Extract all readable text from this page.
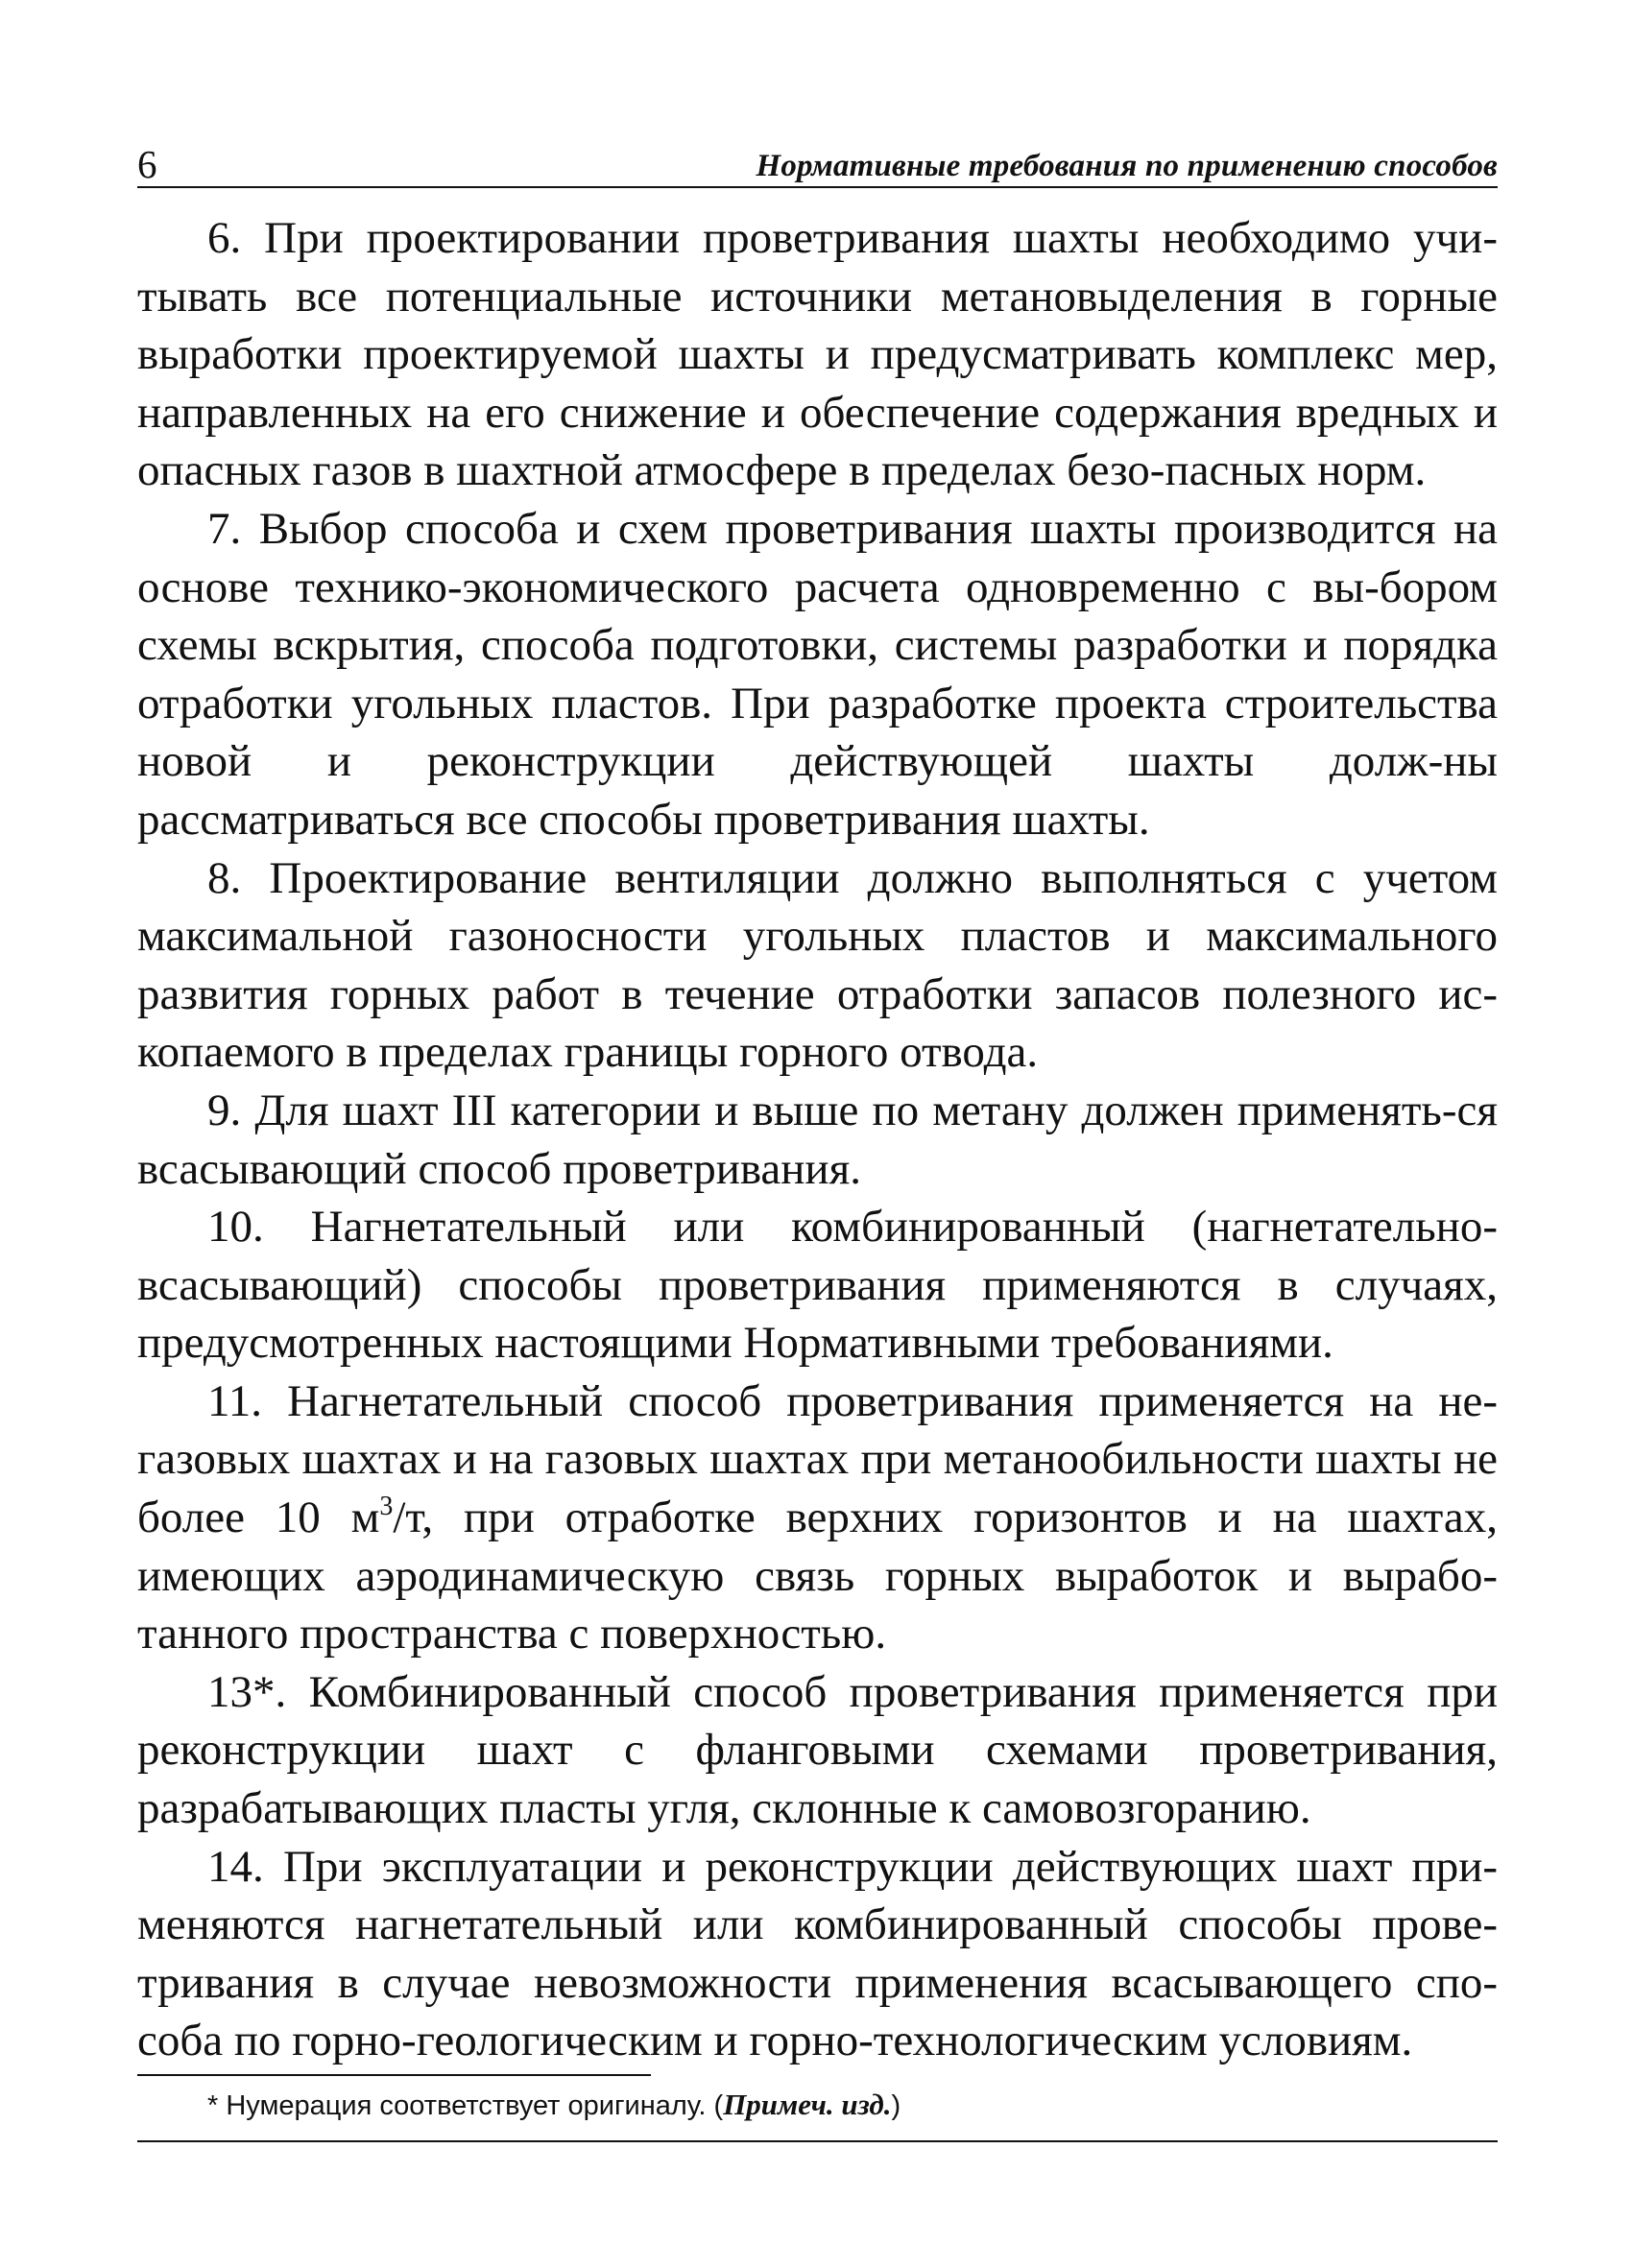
6	Нормативные требования по применению способов

6. При проектировании проветривания шахты необходимо учи-тывать все потенциальные источники метановыделения в горные выработки проектируемой шахты и предусматривать комплекс мер, направленных на его снижение и обеспечение содержания вредных и опасных газов в шахтной атмосфере в пределах безо-пасных норм.

7. Выбор способа и схем проветривания шахты производится на основе технико-экономического расчета одновременно с вы-бором схемы вскрытия, способа подготовки, системы разработки и порядка отработки угольных пластов. При разработке проекта строительства новой и реконструкции действующей шахты долж-ны рассматриваться все способы проветривания шахты.

8. Проектирование вентиляции должно выполняться с учетом максимальной газоносности угольных пластов и максимального развития горных работ в течение отработки запасов полезного ис-копаемого в пределах границы горного отвода.

9. Для шахт III категории и выше по метану должен применять-ся всасывающий способ проветривания.

10. Нагнетательный или комбинированный (нагнетательно-всасывающий) способы проветривания применяются в случаях, предусмотренных настоящими Нормативными требованиями.

11. Нагнетательный способ проветривания применяется на не-газовых шахтах и на газовых шахтах при метанообильности шахты не более 10 $м^3/т$, при отработке верхних горизонтов и на шахтах, имеющих аэродинамическую связь горных выработок и вырабо-танного пространства с поверхностью.

13*. Комбинированный способ проветривания применяется при реконструкции шахт с фланговыми схемами проветривания, разрабатывающих пласты угля, склонные к самовозгоранию.

14. При эксплуатации и реконструкции действующих шахт при-меняются нагнетательный или комбинированный способы прове-тривания в случае невозможности применения всасывающего спо-соба по горно-геологическим и горно-технологическим условиям.

* Нумерация соответствует оригиналу. (Примеч. изд.)
